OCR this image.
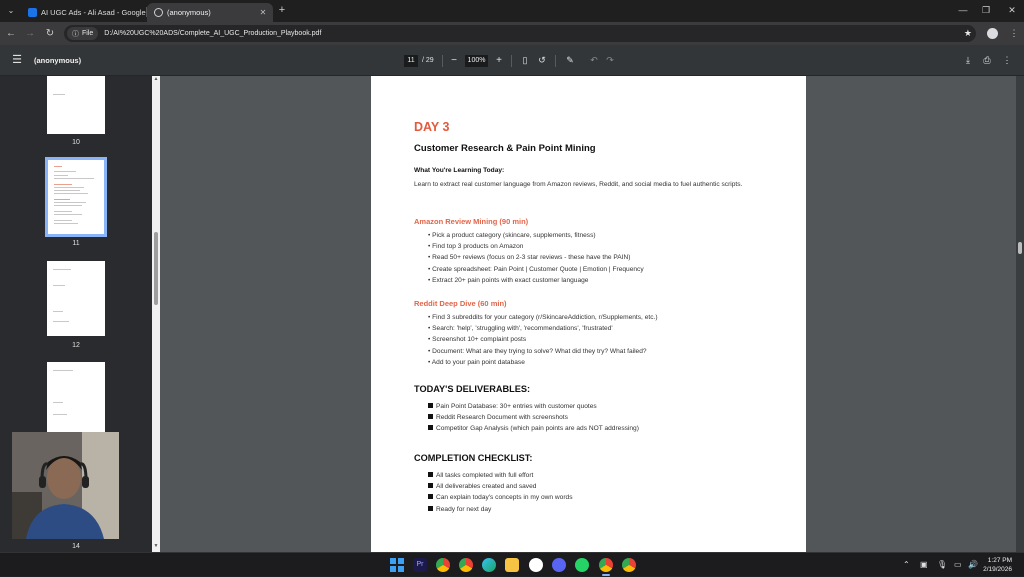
⌄	AI UGC Ads - Ali Asad - Google	(anonymous)	✕	+	—	❐	✕
← →	↻	ⓘ File D:/AI%20UGC%20ADS/Complete_AI_UGC_Production_Playbook.pdf	★	⋮
☰ (anonymous)	11	/ 29	−	100%	+	▯	↺	✎	↶ ↷	⤓	⎙	⋮
10
11
12
14
▲
▼
DAY 3
Customer Research & Pain Point Mining
What You're Learning Today:
Learn to extract real customer language from Amazon reviews, Reddit, and social media to fuel authentic scripts.
Amazon Review Mining (90 min)
• Pick a product category (skincare, supplements, fitness)
• Find top 3 products on Amazon
• Read 50+ reviews (focus on 2-3 star reviews - these have the PAIN)
• Create spreadsheet: Pain Point | Customer Quote | Emotion | Frequency
• Extract 20+ pain points with exact customer language
Reddit Deep Dive (60 min)
• Find 3 subreddits for your category (r/SkincareAddiction, r/Supplements, etc.)
• Search: 'help', 'struggling with', 'recommendations', 'frustrated'
• Screenshot 10+ complaint posts
• Document: What are they trying to solve? What did they try? What failed?
• Add to your pain point database
TODAY'S DELIVERABLES:
Pain Point Database: 30+ entries with customer quotes
Reddit Research Document with screenshots
Competitor Gap Analysis (which pain points are ads NOT addressing)
COMPLETION CHECKLIST:
All tasks completed with full effort
All deliverables created and saved
Can explain today's concepts in my own words
Ready for next day
Pr	⌃ ▣ 🎙 ▭ 🔊	1:27 PM
2/19/2026
